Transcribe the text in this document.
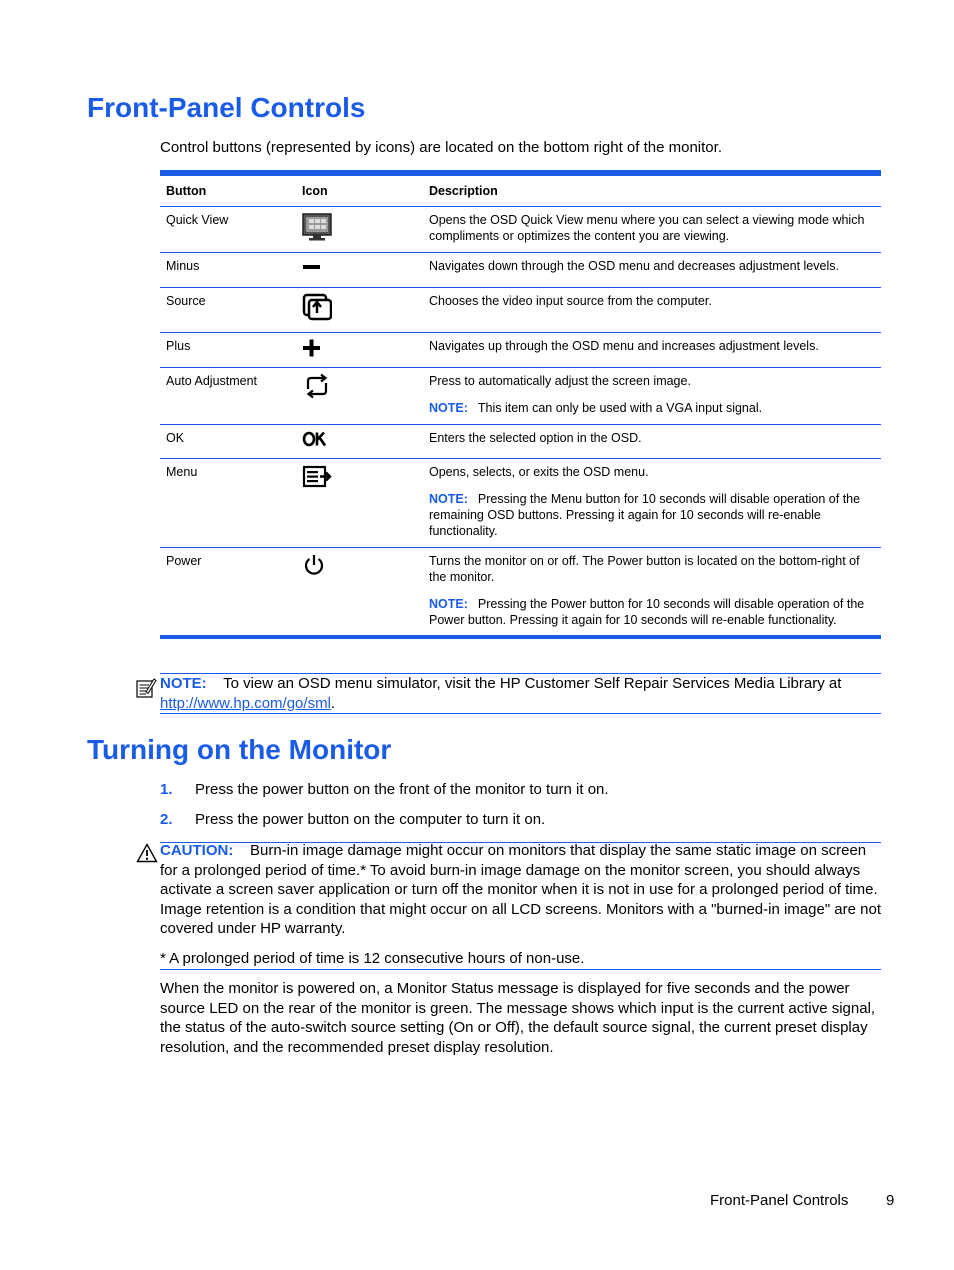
Front-Panel Controls
Control buttons (represented by icons) are located on the bottom right of the monitor.
Button	Icon	Description
Quick View	Opens the OSD Quick View menu where you can select a viewing mode which compliments or optimizes the content you are viewing.
Minus	Navigates down through the OSD menu and decreases adjustment levels.
Source	Chooses the video input source from the computer.
Plus	Navigates up through the OSD menu and increases adjustment levels.
Auto Adjustment	Press to automatically adjust the screen image.
NOTE: This item can only be used with a VGA input signal.
OK	Enters the selected option in the OSD.
Menu	Opens, selects, or exits the OSD menu.
NOTE: Pressing the Menu button for 10 seconds will disable operation of the remaining OSD buttons. Pressing it again for 10 seconds will re-enable functionality.
Power	Turns the monitor on or off. The Power button is located on the bottom-right of the monitor.
NOTE: Pressing the Power button for 10 seconds will disable operation of the Power button. Pressing it again for 10 seconds will re-enable functionality.
NOTE: To view an OSD menu simulator, visit the HP Customer Self Repair Services Media Library at http://www.hp.com/go/sml.
Turning on the Monitor
1. Press the power button on the front of the monitor to turn it on.
2. Press the power button on the computer to turn it on.
CAUTION: Burn-in image damage might occur on monitors that display the same static image on screen for a prolonged period of time.* To avoid burn-in image damage on the monitor screen, you should always activate a screen saver application or turn off the monitor when it is not in use for a prolonged period of time. Image retention is a condition that might occur on all LCD screens. Monitors with a "burned-in image" are not covered under HP warranty.
* A prolonged period of time is 12 consecutive hours of non-use.
When the monitor is powered on, a Monitor Status message is displayed for five seconds and the power source LED on the rear of the monitor is green. The message shows which input is the current active signal, the status of the auto-switch source setting (On or Off), the default source signal, the current preset display resolution, and the recommended preset display resolution.
Front-Panel Controls	9
